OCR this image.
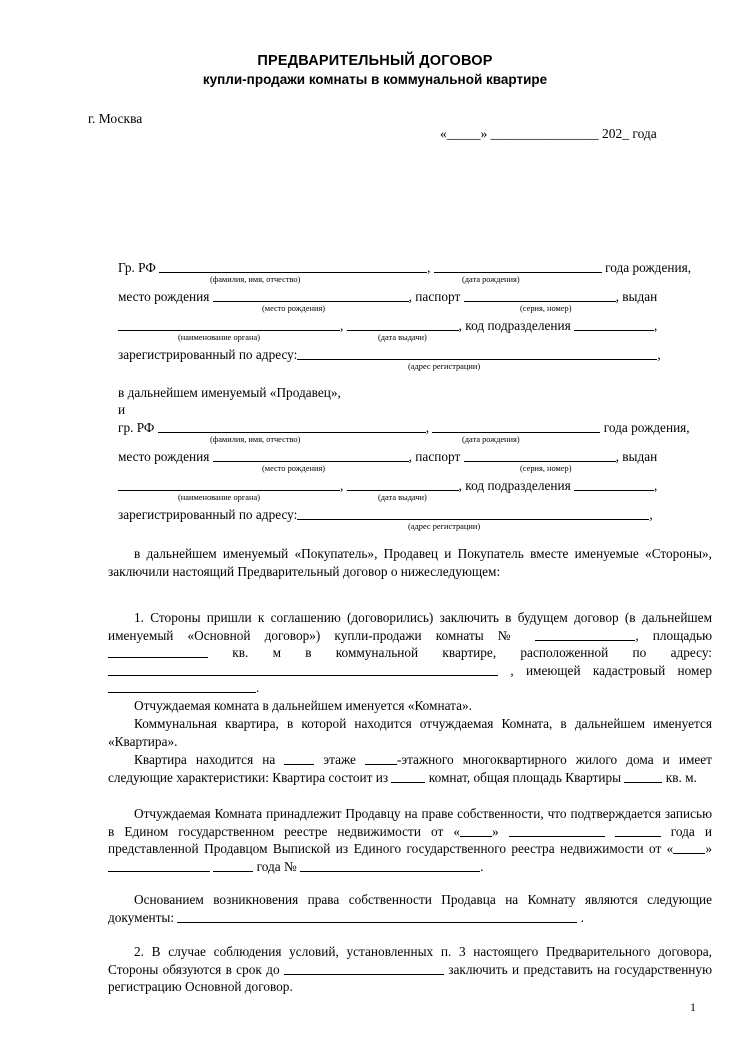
ПРЕДВАРИТЕЛЬНЫЙ ДОГОВОР
купли-продажи комнаты в коммунальной квартире
г. Москва
«_____» ________________ 202_ года
Гр. РФ	,	года рождения,
(фамилия, имя, отчество)	(дата рождения)
место рождения	, паспорт	, выдан
(место рождения)	(серия, номер)
,	, код подразделения	,
(наименование органа)	(дата выдачи)
зарегистрированный по адресу:	,
(адрес регистрации)
в дальнейшем именуемый «Продавец»,
и
гр. РФ	,	года рождения,
(фамилия, имя, отчество)	(дата рождения)
место рождения	, паспорт	, выдан
(место рождения)	(серия, номер)
,	, код подразделения	,
(наименование органа)	(дата выдачи)
зарегистрированный по адресу:	,
(адрес регистрации)
в дальнейшем именуемый «Покупатель», Продавец и Покупатель вместе именуемые «Стороны», заключили настоящий Предварительный договор о нижеследующем:
1. Стороны пришли к соглашению (договорились) заключить в будущем договор (в дальнейшем именуемый «Основной договор») купли-продажи комнаты №	, площадью  кв. м в коммунальной квартире, расположенной по адресу:  , имеющей кадастровый номер .
Отчуждаемая комната в дальнейшем именуется «Комната».
Коммунальная квартира, в которой находится отчуждаемая Комната, в дальнейшем именуется «Квартира».
Квартира находится на	этаже	-этажного многоквартирного жилого дома и имеет следующие характеристики: Квартира состоит из	комнат, общая площадь Квартиры	кв. м.
Отчуждаемая Комната принадлежит Продавцу на праве собственности, что подтверждается записью в Едином государственном реестре недвижимости от « »	года и представленной Продавцом Выпиской из Единого государственного реестра недвижимости от « »   года №	.
Основанием возникновения права собственности Продавца на Комнату являются следующие документы:	.
2. В случае соблюдения условий, установленных п. 3 настоящего Предварительного договора, Стороны обязуются в срок до	заключить и представить на государственную регистрацию Основной договор.
1
